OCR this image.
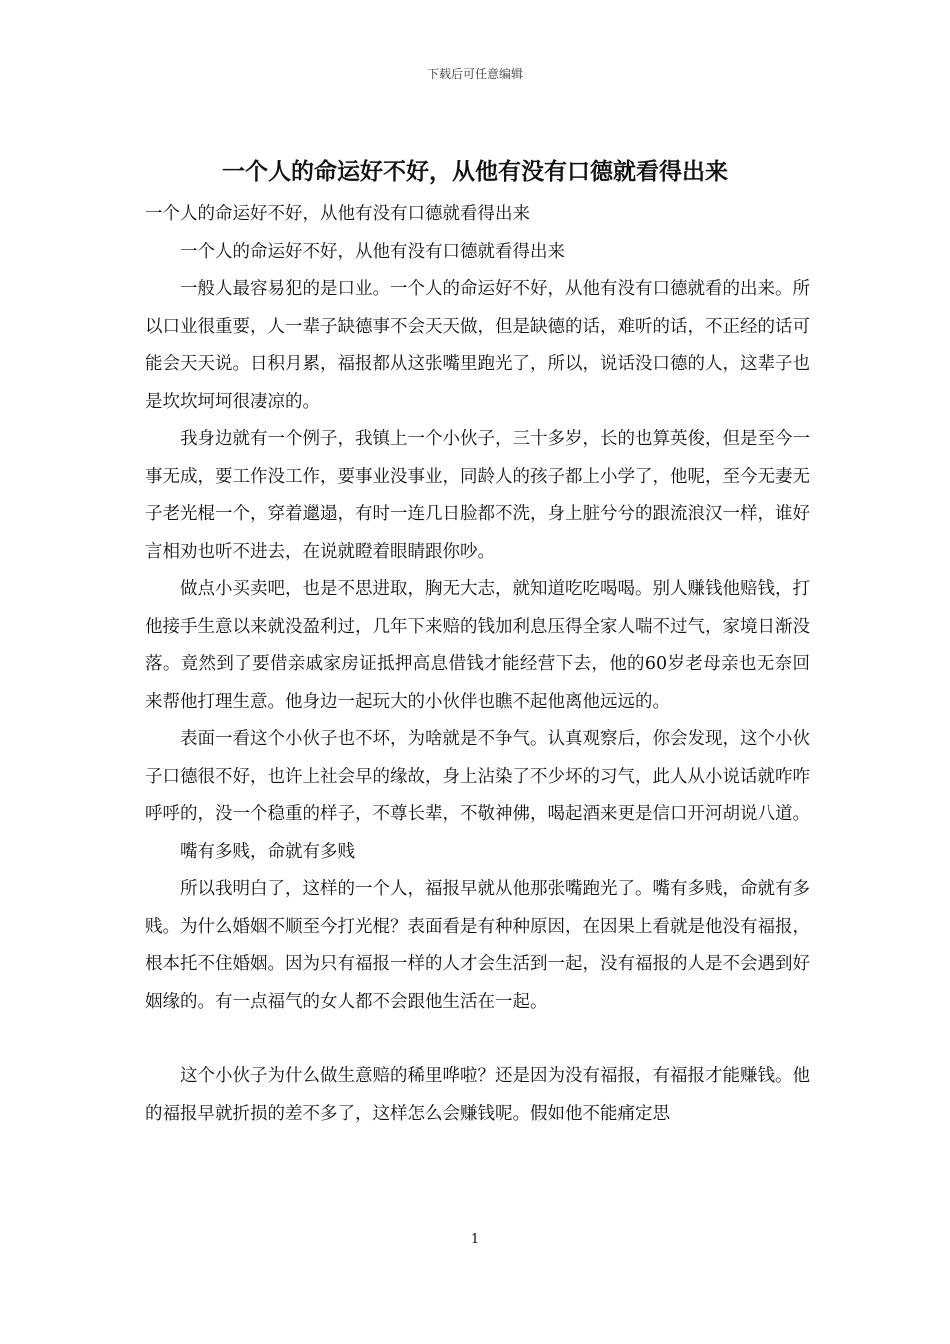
下载后可任意编辑
一个人的命运好不好，从他有没有口德就看得出来

一个人的命运好不好，从他有没有口德就看得出来

一个人的命运好不好，从他有没有口德就看得出来

一般人最容易犯的是口业。一个人的命运好不好，从他有没有口德就看的出来。所以口业很重要，人一辈子缺德事不会天天做，但是缺德的话，难听的话，不正经的话可能会天天说。日积月累，福报都从这张嘴里跑光了，所以，说话没口德的人，这辈子也是坎坎坷坷很凄凉的。

我身边就有一个例子，我镇上一个小伙子，三十多岁，长的也算英俊，但是至今一事无成，要工作没工作，要事业没事业，同龄人的孩子都上小学了，他呢，至今无妻无子老光棍一个，穿着邋遢，有时一连几日脸都不洗，身上脏兮兮的跟流浪汉一样，谁好言相劝也听不进去，在说就瞪着眼睛跟你吵。

做点小买卖吧，也是不思进取，胸无大志，就知道吃吃喝喝。别人赚钱他赔钱，打他接手生意以来就没盈利过，几年下来赔的钱加利息压得全家人喘不过气，家境日渐没落。竟然到了要借亲戚家房证抵押高息借钱才能经营下去，他的60岁老母亲也无奈回来帮他打理生意。他身边一起玩大的小伙伴也瞧不起他离他远远的。

表面一看这个小伙子也不坏，为啥就是不争气。认真观察后，你会发现，这个小伙子口德很不好，也许上社会早的缘故，身上沾染了不少坏的习气，此人从小说话就咋咋呼呼的，没一个稳重的样子，不尊长辈，不敬神佛，喝起酒来更是信口开河胡说八道。

嘴有多贱，命就有多贱

所以我明白了，这样的一个人，福报早就从他那张嘴跑光了。嘴有多贱，命就有多贱。为什么婚姻不顺至今打光棍？表面看是有种种原因，在因果上看就是他没有福报，根本托不住婚姻。因为只有福报一样的人才会生活到一起，没有福报的人是不会遇到好姻缘的。有一点福气的女人都不会跟他生活在一起。

这个小伙子为什么做生意赔的稀里哗啦？还是因为没有福报，有福报才能赚钱。他的福报早就折损的差不多了，这样怎么会赚钱呢。假如他不能痛定思

1
